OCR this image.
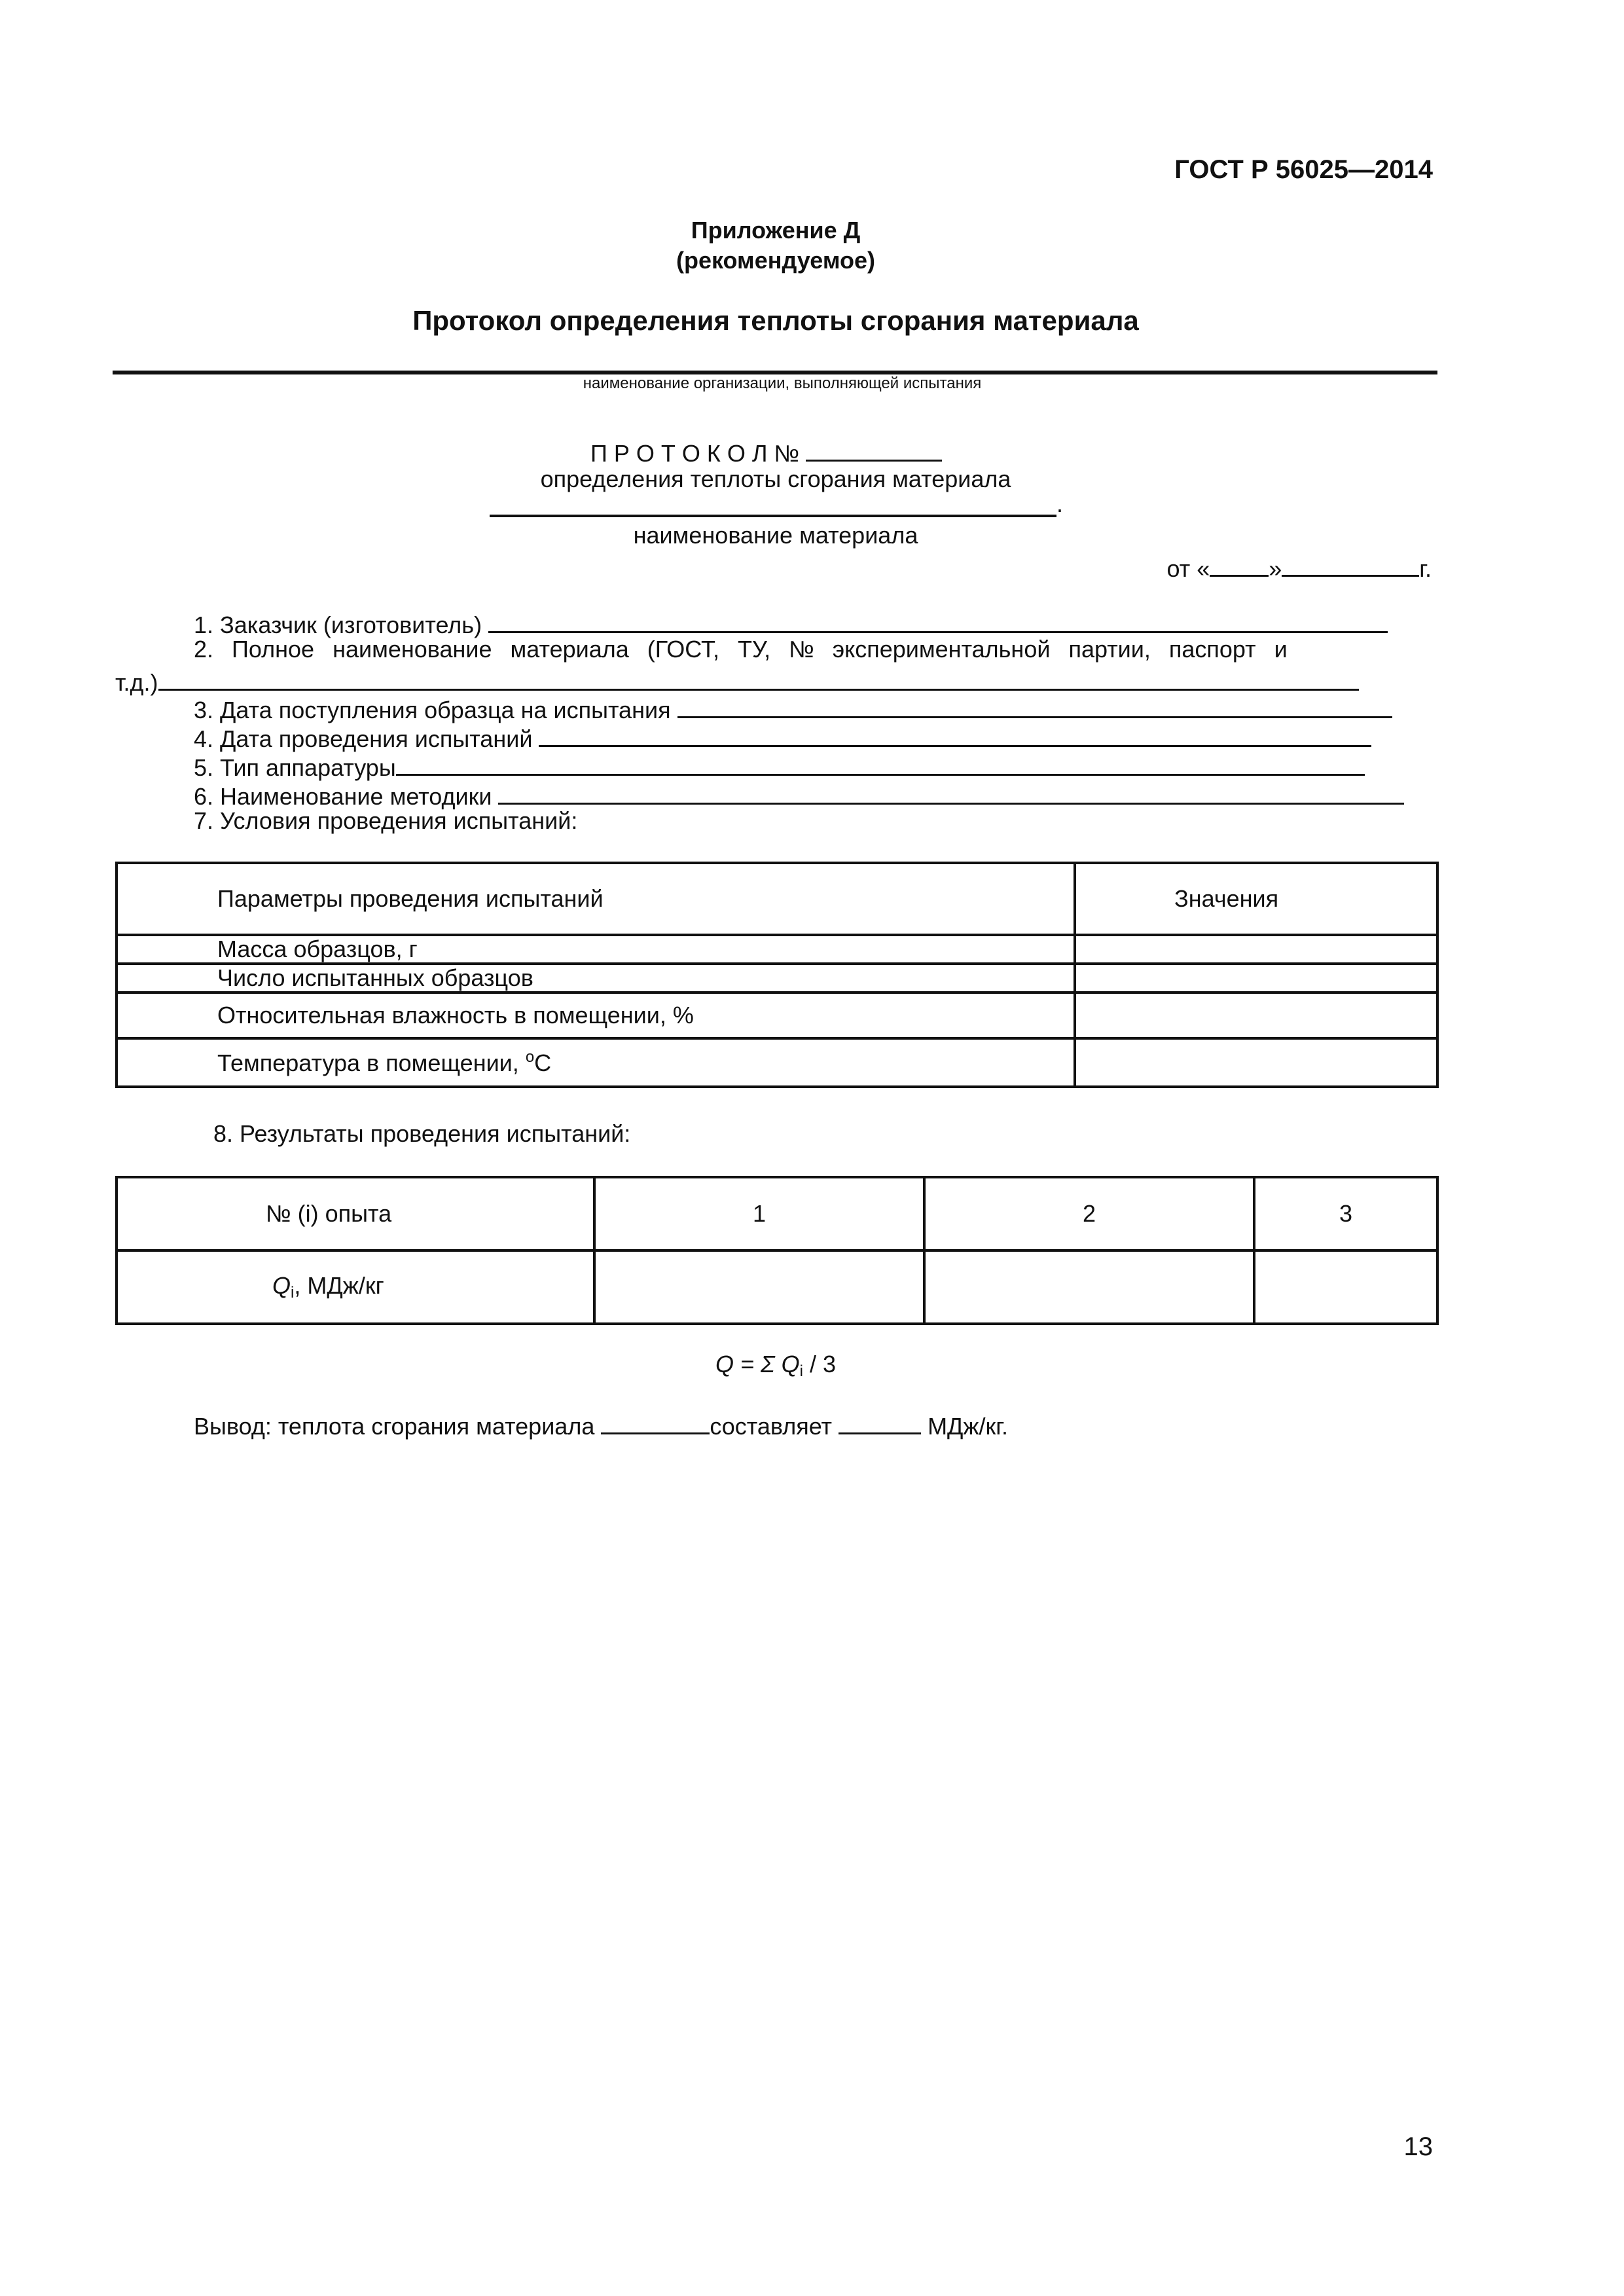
ГОСТ Р 56025—2014
Приложение Д
(рекомендуемое)
Протокол определения теплоты сгорания материала
наименование организации, выполняющей испытания
П Р О Т О К О Л №
определения теплоты сгорания материала
.
наименование материала
от «	»	г.
1. Заказчик (изготовитель)
2. Полное наименование материала (ГОСТ, ТУ, № экспериментальной партии, паспорт и
т.д.)
3. Дата поступления образца на испытания
4. Дата проведения испытаний
5. Тип аппаратуры
6. Наименование методики
7. Условия проведения испытаний:
Параметры проведения испытаний	Значения
Масса образцов, г	
Число испытанных образцов	
Относительная влажность в помещении, %	
Температура в помещении, $^o$C	
8. Результаты проведения испытаний:
№ (i) опыта	1	2	3
$Q_i$, МДж/кг			
Q = Σ $Q_i / 3$
Вывод: теплота сгорания материала	составляет	МДж/кг.
13
